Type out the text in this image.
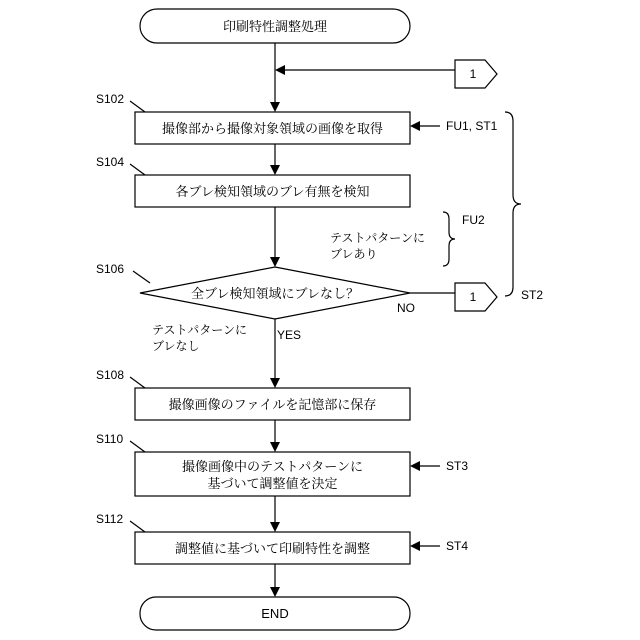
印刷特性調整処理
1
S102
撮像部から撮像対象領域の画像を取得	FU1, ST1
S104
各ブレ検知領域のブレ有無を検知
テストパターンに
ブレあり
FU2
S106
全ブレ検知領域にブレなし？
NO
1	ST2
テストパターンに
ブレなし
YES
S108
撮像画像のファイルを記憶部に保存
S110
撮像画像中のテストパターンに
基づいて調整値を決定
ST3
S112
調整値に基づいて印刷特性を調整	ST4
END
